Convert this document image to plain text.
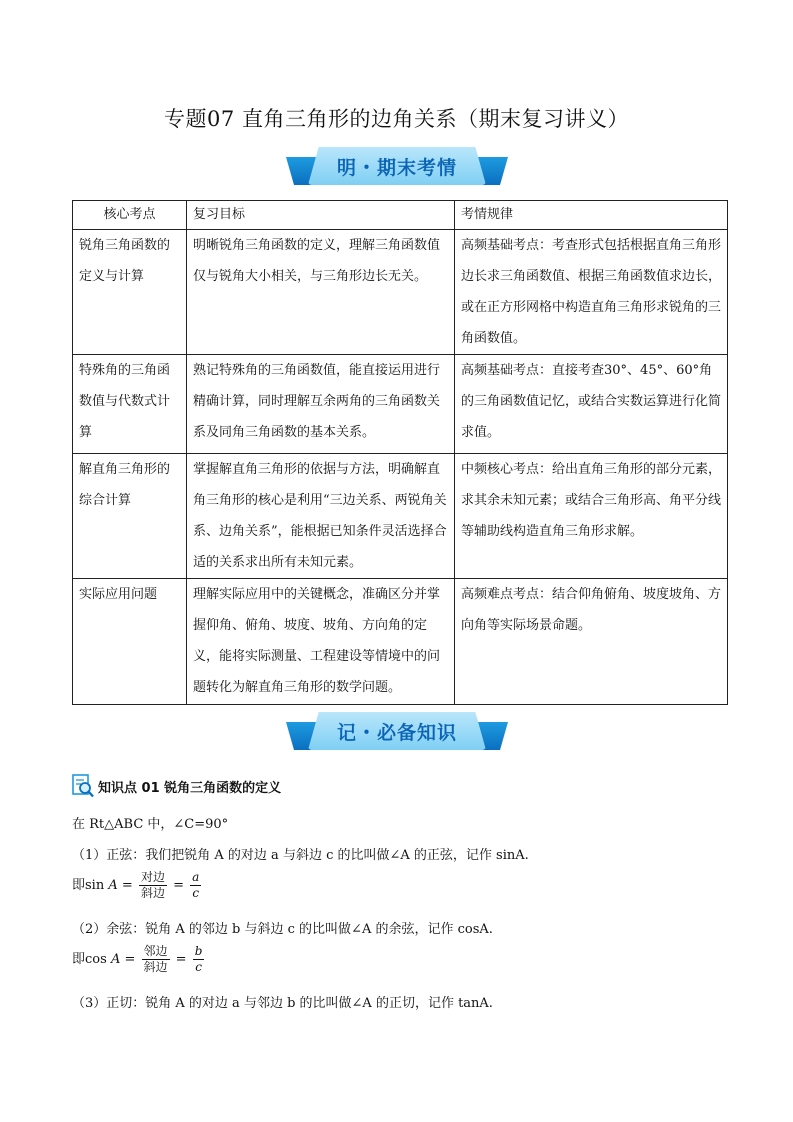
专题07 直角三角形的边角关系（期末复习讲义）
明・期末考情
核心考点	复习目标	考情规律
锐角三角函数的定义与计算	明晰锐角三角函数的定义，理解三角函数值仅与锐角大小相关，与三角形边长无关。	高频基础考点：考查形式包括根据直角三角形边长求三角函数值、根据三角函数值求边长，或在正方形网格中构造直角三角形求锐角的三角函数值。
特殊角的三角函数值与代数式计算	熟记特殊角的三角函数值，能直接运用进行精确计算，同时理解互余两角的三角函数关系及同角三角函数的基本关系。	高频基础考点：直接考查30°、45°、60°角的三角函数值记忆，或结合实数运算进行化简求值。
解直角三角形的综合计算	掌握解直角三角形的依据与方法，明确解直角三角形的核心是利用“三边关系、两锐角关系、边角关系”，能根据已知条件灵活选择合适的关系求出所有未知元素。	中频核心考点：给出直角三角形的部分元素，求其余未知元素；或结合三角形高、角平分线等辅助线构造直角三角形求解。
实际应用问题	理解实际应用中的关键概念，准确区分并掌握仰角、俯角、坡度、坡角、方向角的定义，能将实际测量、工程建设等情境中的问题转化为解直角三角形的数学问题。	高频难点考点：结合仰角俯角、坡度坡角、方向角等实际场景命题。
记・必备知识
知识点 01 锐角三角函数的定义
在 Rt△ABC 中，∠C=90°
（1）正弦：我们把锐角 A 的对边 a 与斜边 c 的比叫做∠A 的正弦，记作 sinA.
即$\sin A = \frac{\text{对边}}{\text{斜边}} = \frac{a}{c}$
（2）余弦：锐角 A 的邻边 b 与斜边 c 的比叫做∠A 的余弦，记作 cosA.
即$\cos A = \frac{\text{邻边}}{\text{斜边}} = \frac{b}{c}$
（3）正切：锐角 A 的对边 a 与邻边 b 的比叫做∠A 的正切，记作 tanA.
